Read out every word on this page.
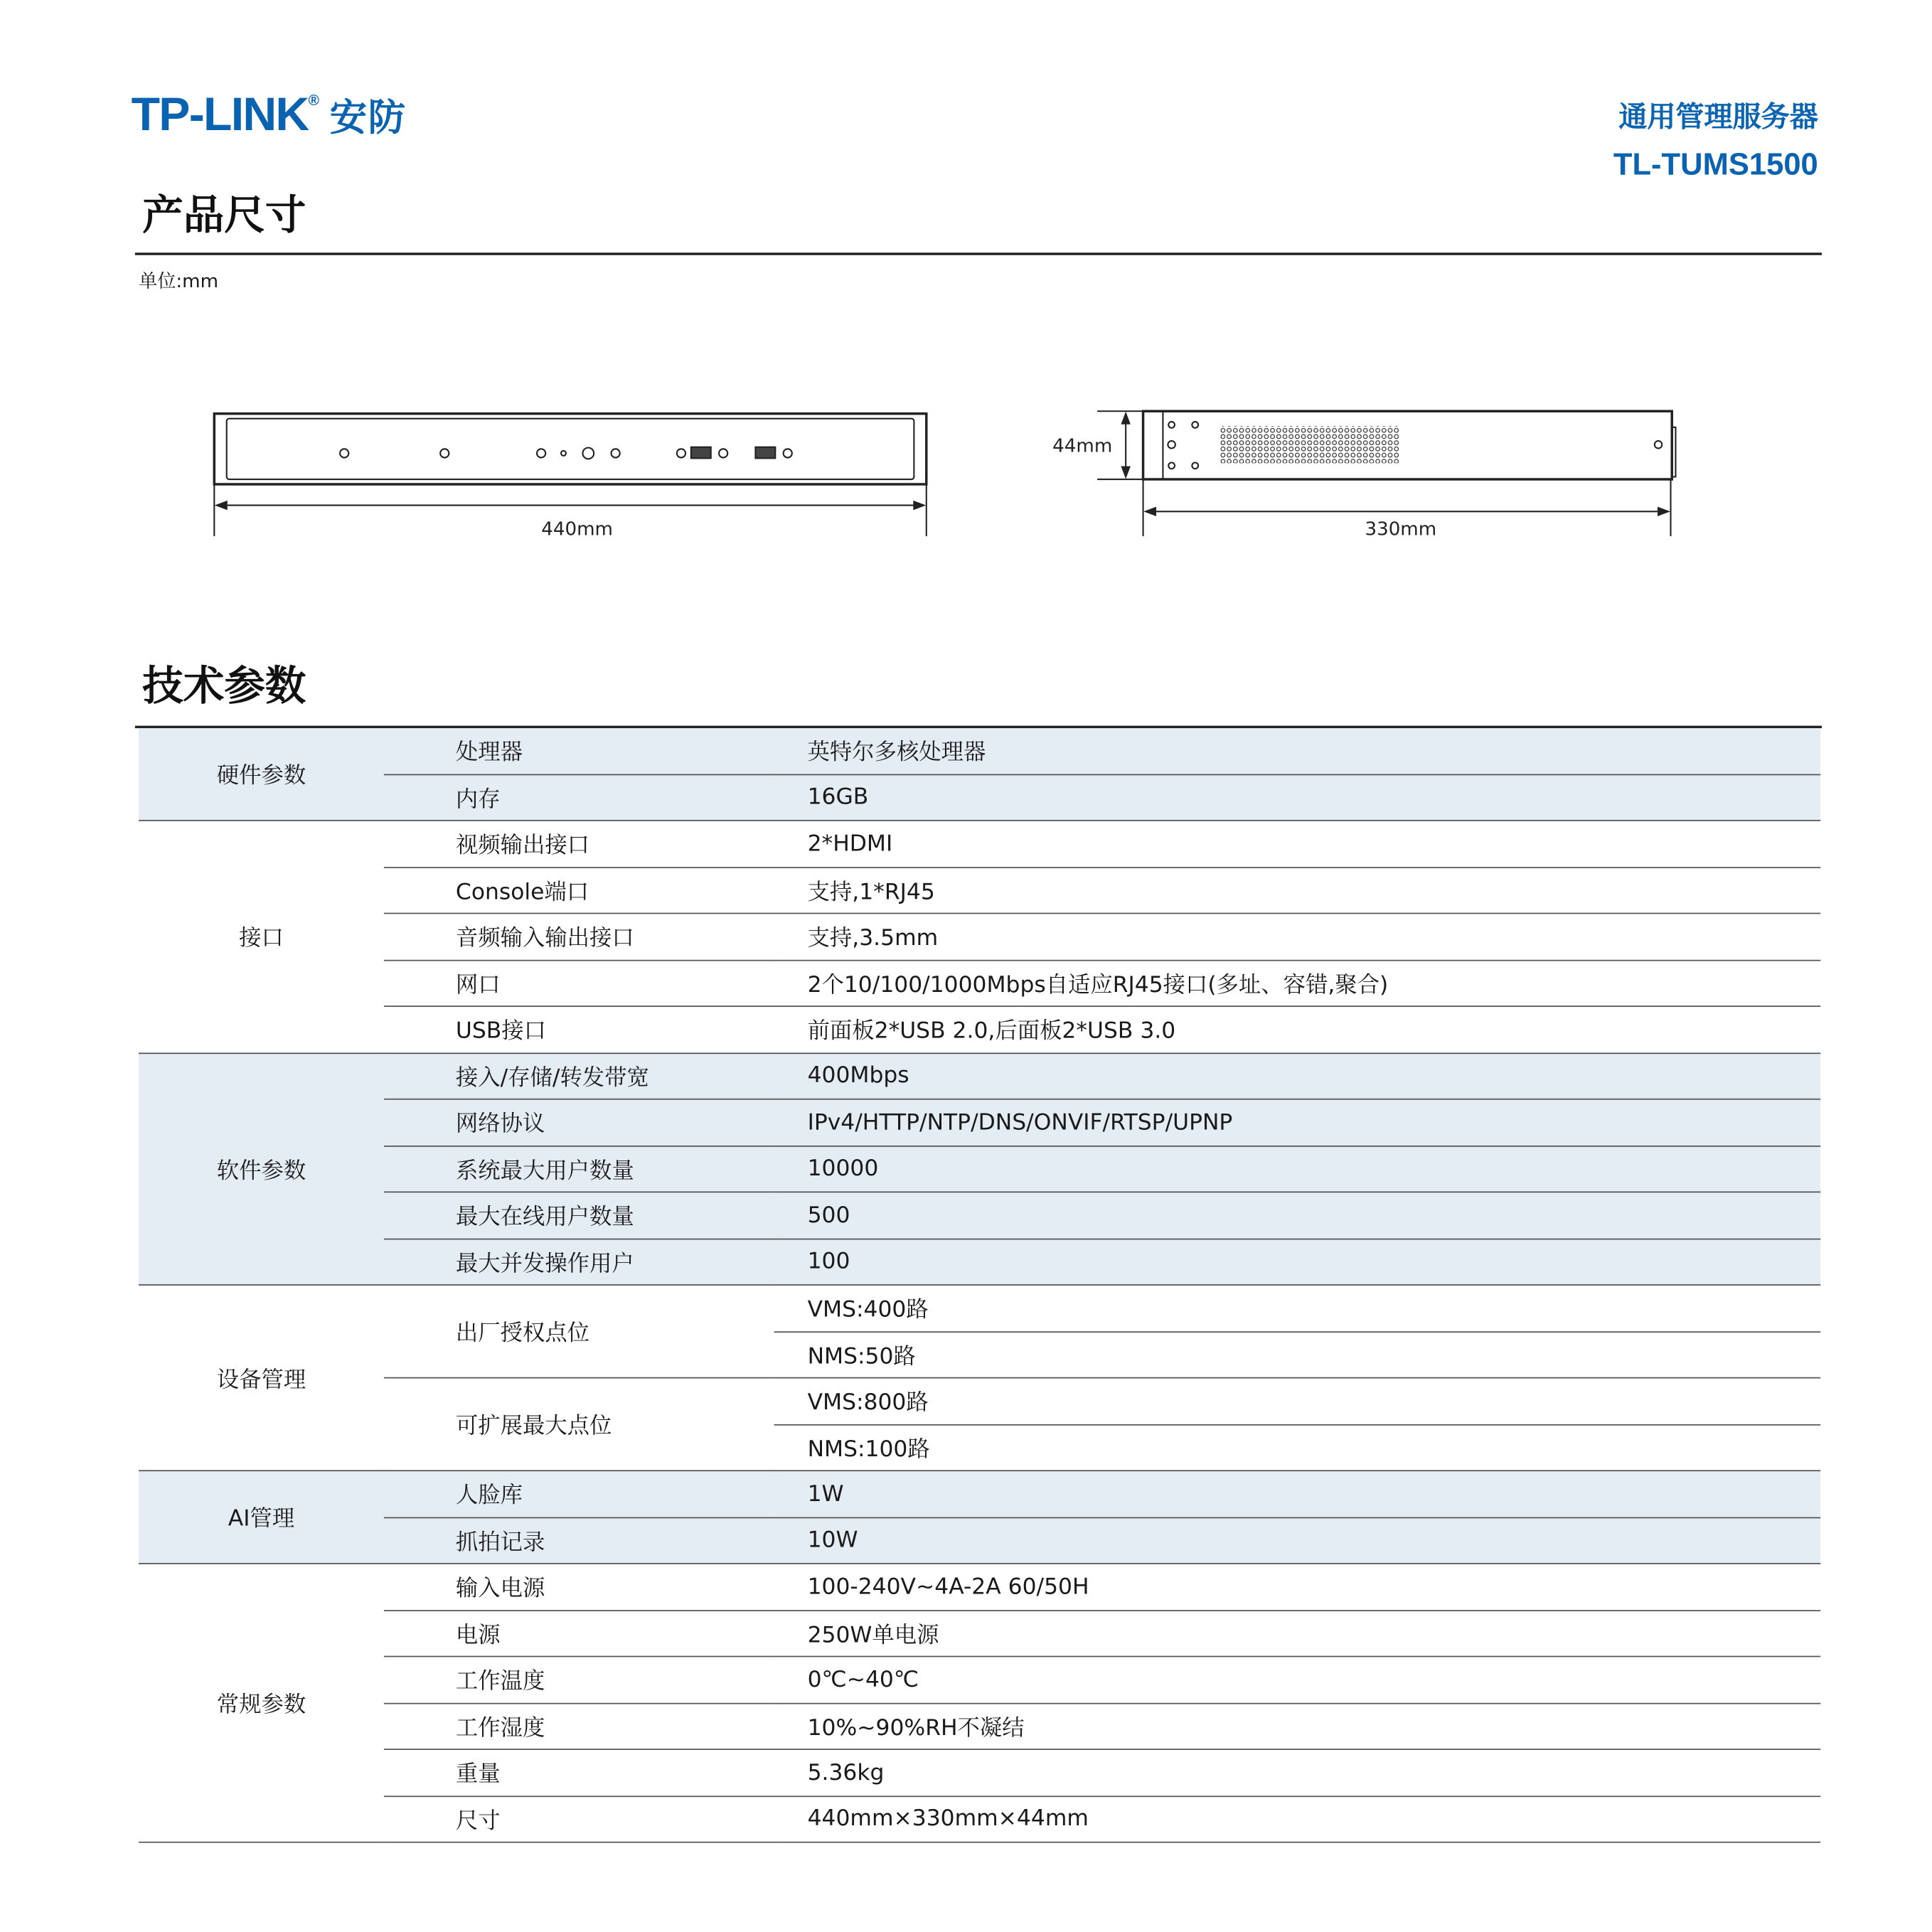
TP-LINK® 安防	通用管理服务器
TL-TUMS1500
产品尺寸
单位:mm
440mm
44mm
330mm
技术参数
硬件参数	处理器	英特尔多核处理器
	内存	16GB
接口	视频输出接口	2*HDMI
	Console端口	支持,1*RJ45
	音频输入输出接口	支持,3.5mm
	网口	2个10/100/1000Mbps自适应RJ45接口(多址、容错,聚合)
	USB接口	前面板2*USB 2.0,后面板2*USB 3.0
软件参数	接入/存储/转发带宽	400Mbps
	网络协议	IPv4/HTTP/NTP/DNS/ONVIF/RTSP/UPNP
	系统最大用户数量	10000
	最大在线用户数量	500
	最大并发操作用户	100
设备管理	出厂授权点位	VMS:400路
		NMS:50路
	可扩展最大点位	VMS:800路
		NMS:100路
AI管理	人脸库	1W
	抓拍记录	10W
常规参数	输入电源	100-240V~4A-2A 60/50H
	电源	250W单电源
	工作温度	0℃~40℃
	工作湿度	10%~90%RH不凝结
	重量	5.36kg
	尺寸	440mm×330mm×44mm
